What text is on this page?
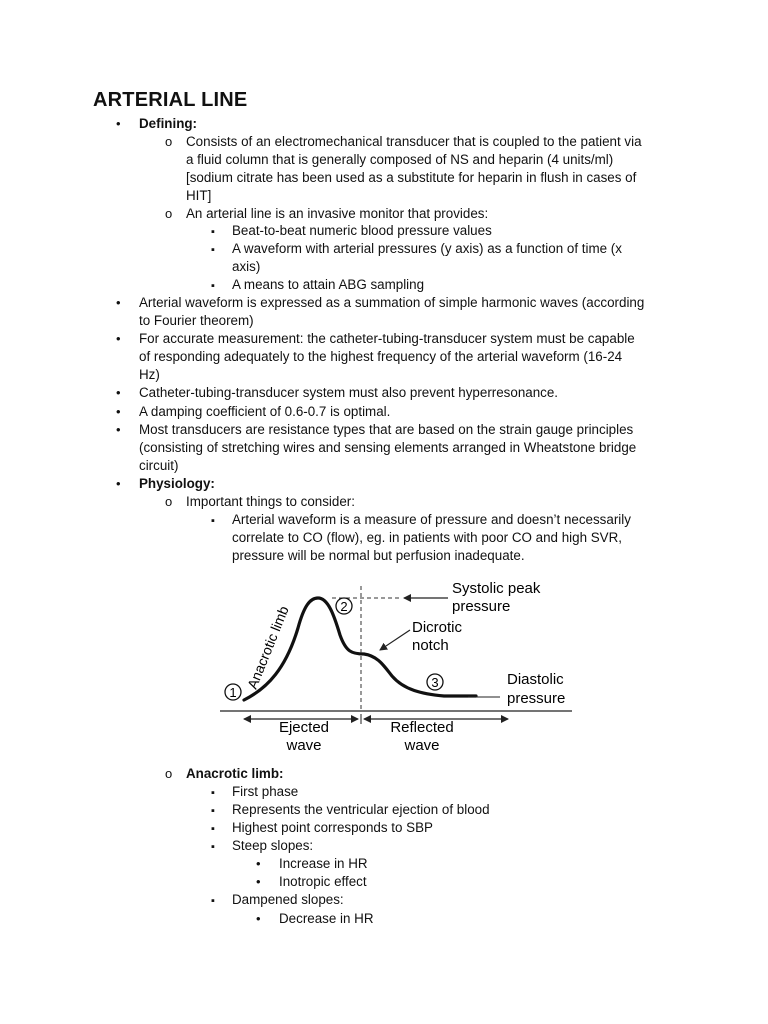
ARTERIAL LINE
•
Defining:
o
Consists of an electromechanical transducer that is coupled to the patient via
a fluid column that is generally composed of NS and heparin (4 units/ml)
[sodium citrate has been used as a substitute for heparin in flush in cases of
HIT]
o
An arterial line is an invasive monitor that provides:
▪
Beat-to-beat numeric blood pressure values
▪
A waveform with arterial pressures (y axis) as a function of time (x
axis)
▪
A means to attain ABG sampling
•
Arterial waveform is expressed as a summation of simple harmonic waves (according
to Fourier theorem)
•
For accurate measurement: the catheter-tubing-transducer system must be capable
of responding adequately to the highest frequency of the arterial waveform (16-24
Hz)
•
Catheter-tubing-transducer system must also prevent hyperresonance.
•
A damping coefficient of 0.6-0.7 is optimal.
•
Most transducers are resistance types that are based on the strain gauge principles
(consisting of stretching wires and sensing elements arranged in Wheatstone bridge
circuit)
•
Physiology:
o
Important things to consider:
▪
Arterial waveform is a measure of pressure and doesn’t necessarily
correlate to CO (flow), eg. in patients with poor CO and high SVR,
pressure will be normal but perfusion inadequate.
1
2
3
Anacrotic limb
Systolic peak
pressure
Dicrotic
notch
Diastolic
pressure
Ejected
wave
Reflected
wave
o
Anacrotic limb:
▪
First phase
▪
Represents the ventricular ejection of blood
▪
Highest point corresponds to SBP
▪
Steep slopes:
•
Increase in HR
•
Inotropic effect
▪
Dampened slopes:
•
Decrease in HR
